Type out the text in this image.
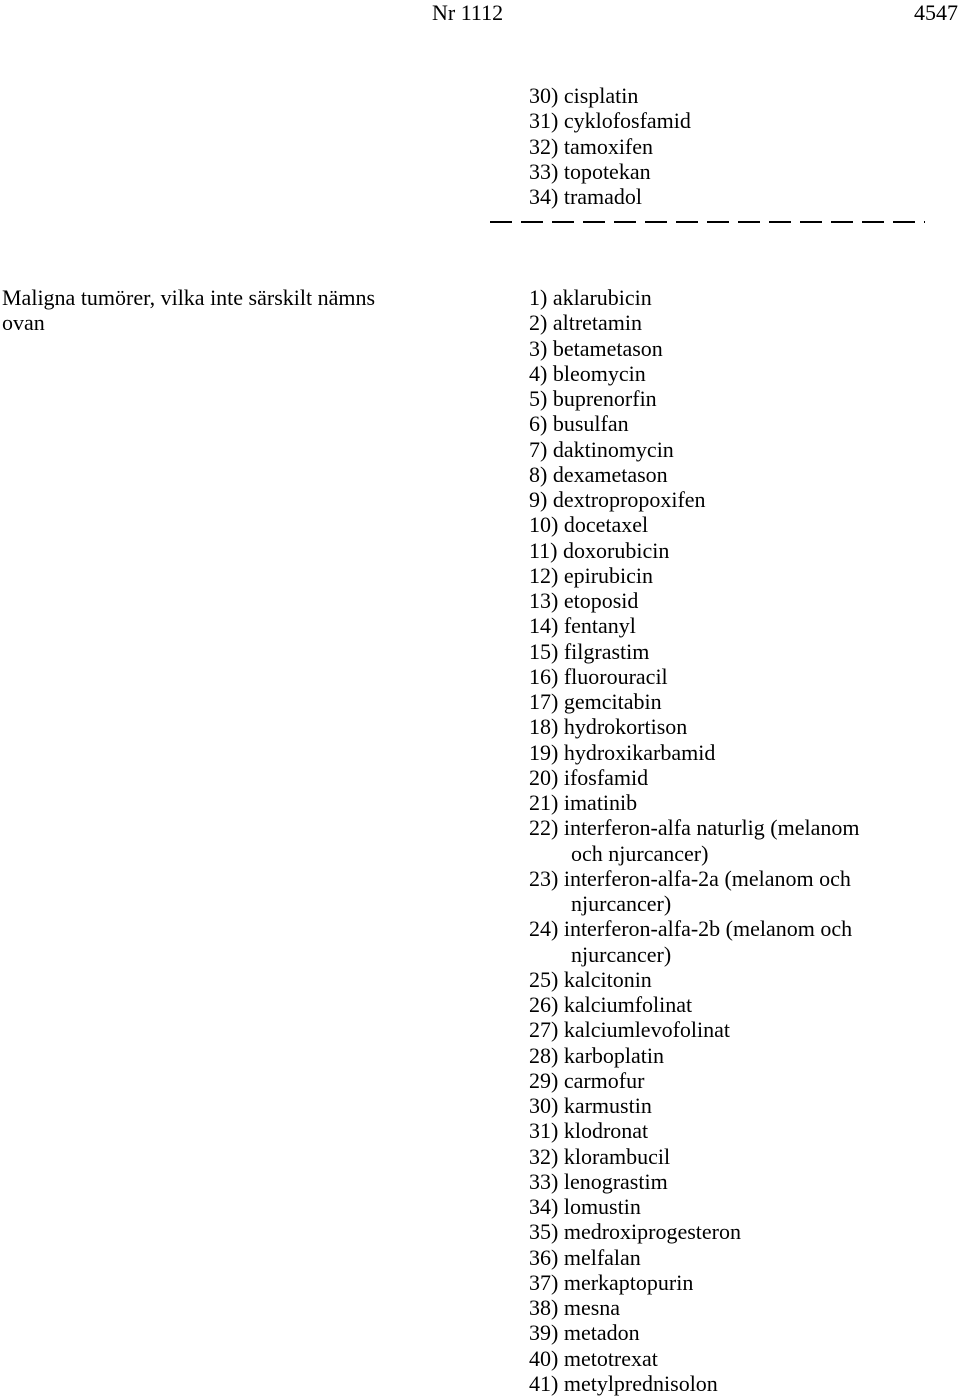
Nr 1112	4547
30) cisplatin
31) cyklofosfamid
32) tamoxifen
33) topotekan
34) tramadol
Maligna tumörer, vilka inte särskilt nämns
ovan
1) aklarubicin
2) altretamin
3) betametason
4) bleomycin
5) buprenorfin
6) busulfan
7) daktinomycin
8) dexametason
9) dextropropoxifen
10) docetaxel
11) doxorubicin
12) epirubicin
13) etoposid
14) fentanyl
15) filgrastim
16) fluorouracil
17) gemcitabin
18) hydrokortison
19) hydroxikarbamid
20) ifosfamid
21) imatinib
22) interferon-alfa naturlig (melanom
och njurcancer)
23) interferon-alfa-2a (melanom och
njurcancer)
24) interferon-alfa-2b (melanom och
njurcancer)
25) kalcitonin
26) kalciumfolinat
27) kalciumlevofolinat
28) karboplatin
29) carmofur
30) karmustin
31) klodronat
32) klorambucil
33) lenograstim
34) lomustin
35) medroxiprogesteron
36) melfalan
37) merkaptopurin
38) mesna
39) metadon
40) metotrexat
41) metylprednisolon
